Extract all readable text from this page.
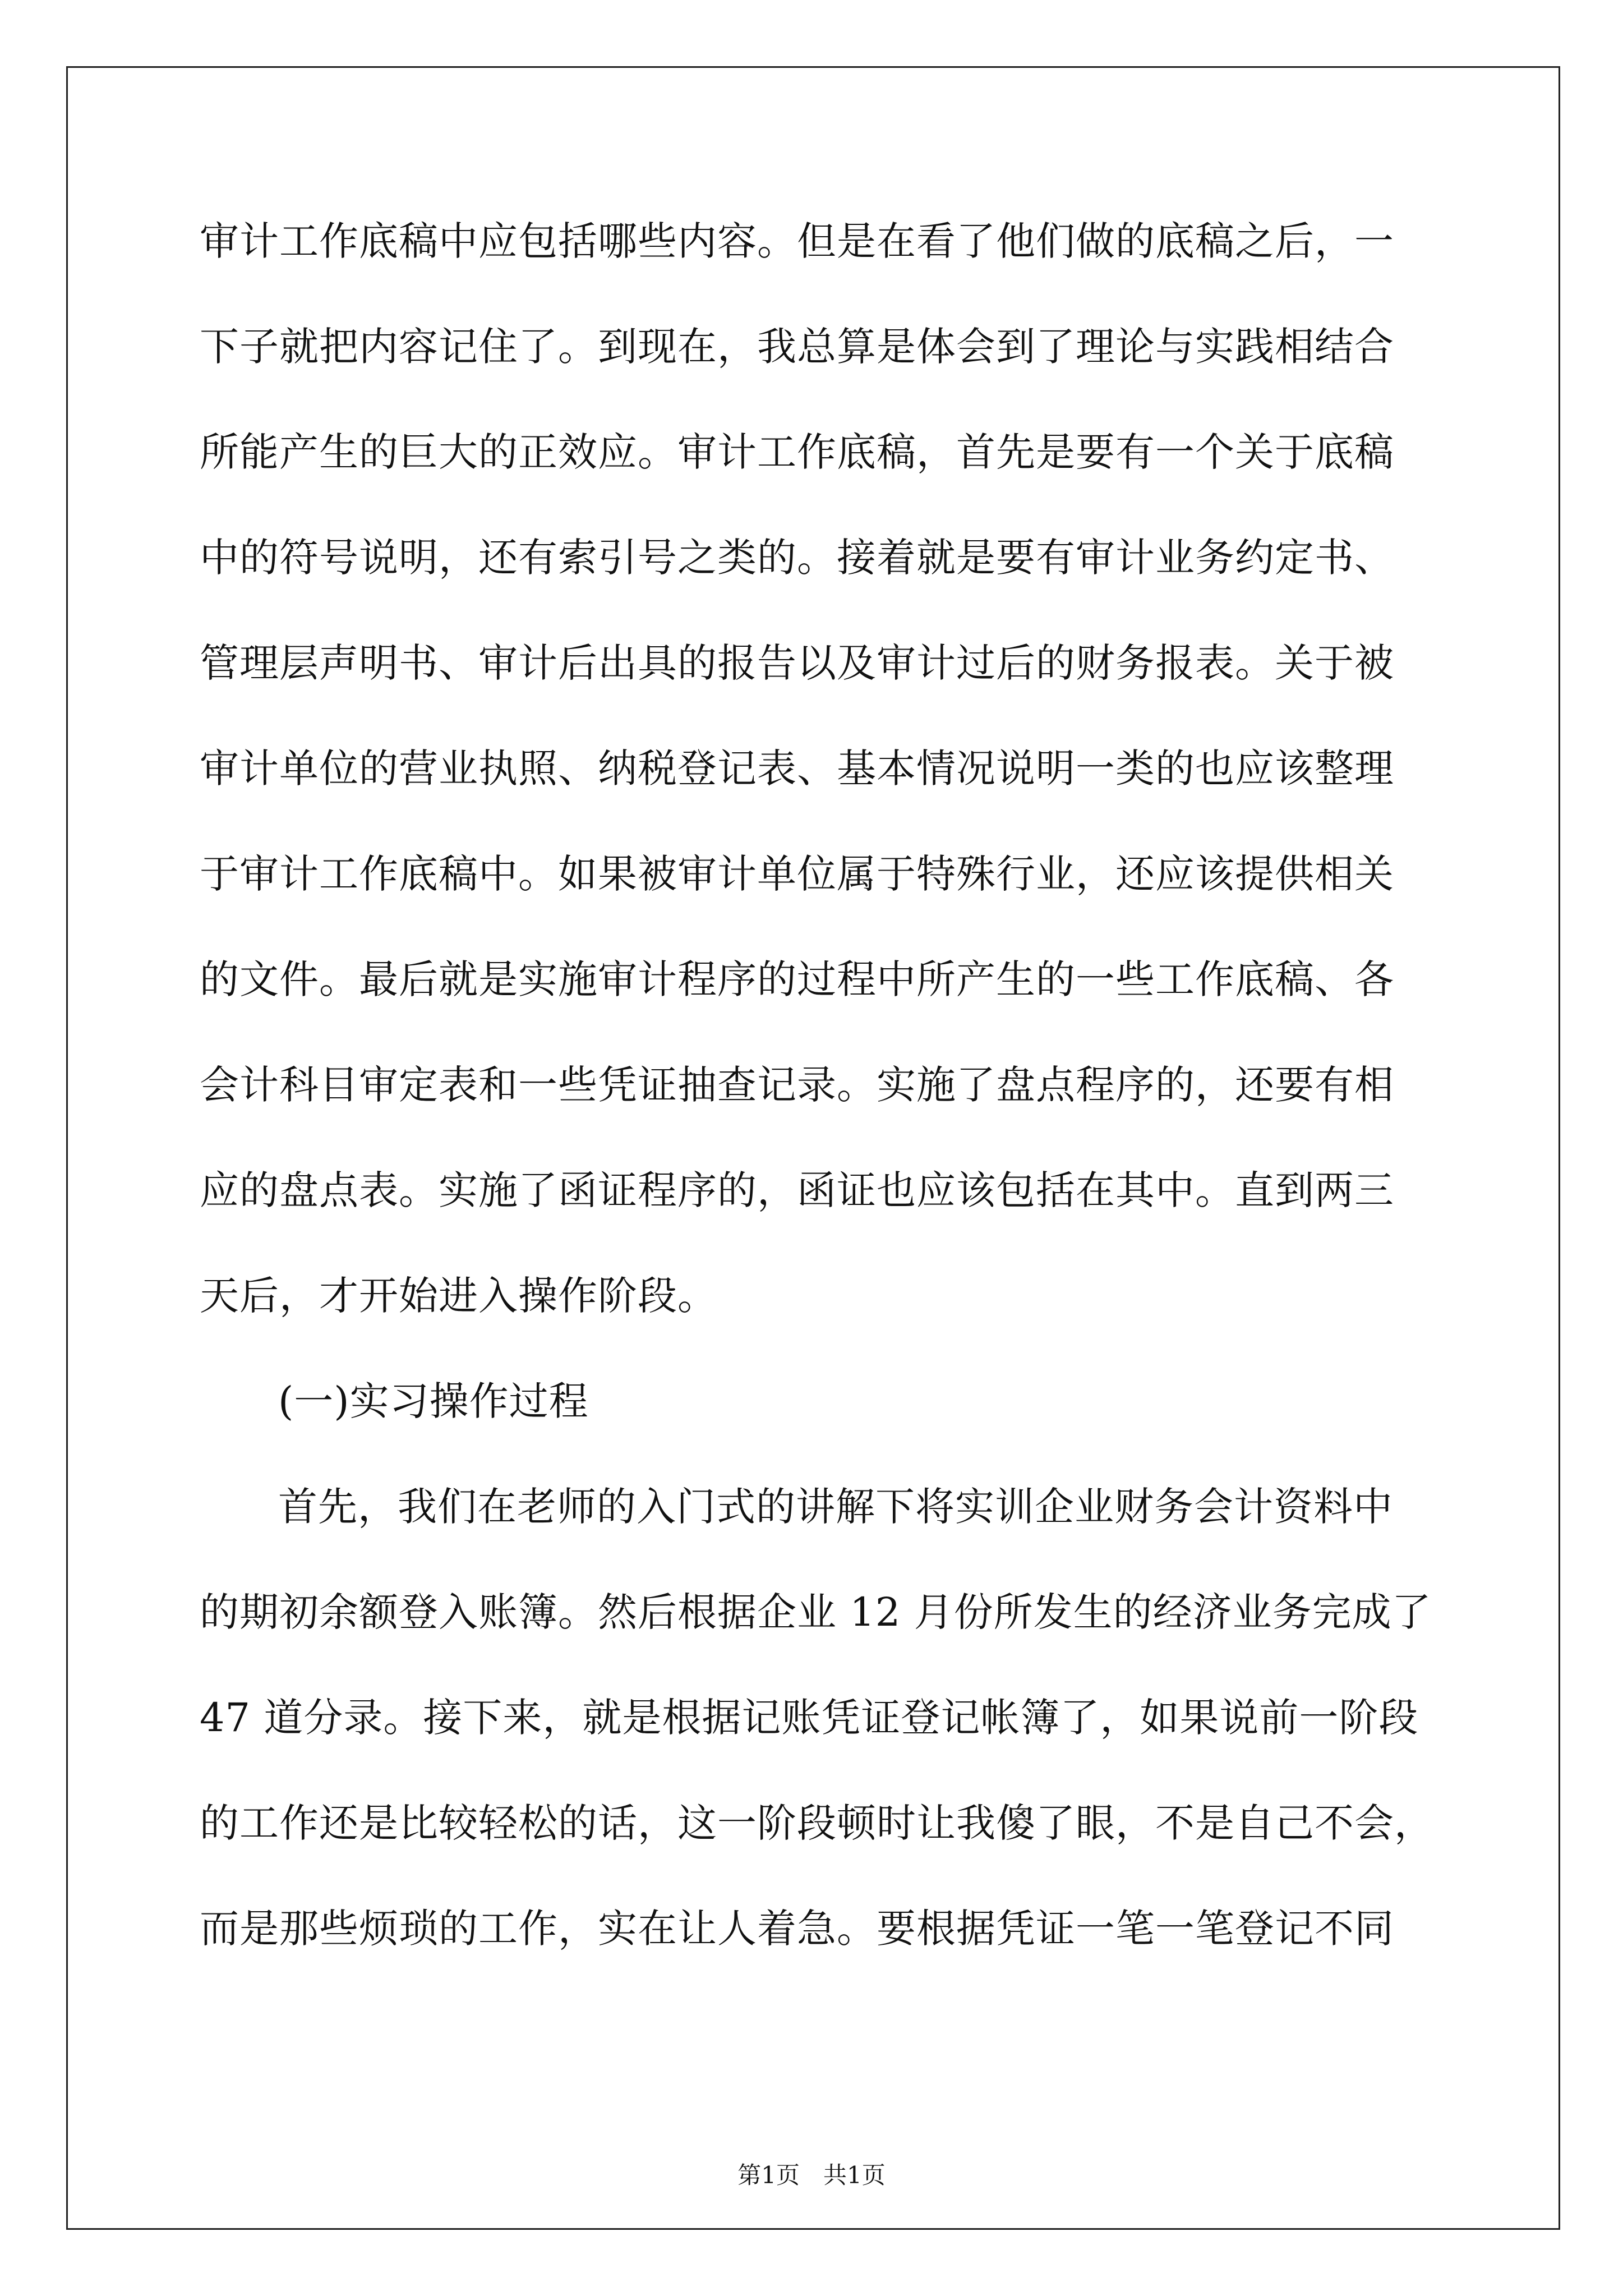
审计工作底稿中应包括哪些内容。但是在看了他们做的底稿之后，一
下子就把内容记住了。到现在，我总算是体会到了理论与实践相结合
所能产生的巨大的正效应。审计工作底稿，首先是要有一个关于底稿
中的符号说明，还有索引号之类的。接着就是要有审计业务约定书、
管理层声明书、审计后出具的报告以及审计过后的财务报表。关于被
审计单位的营业执照、纳税登记表、基本情况说明一类的也应该整理
于审计工作底稿中。如果被审计单位属于特殊行业，还应该提供相关
的文件。最后就是实施审计程序的过程中所产生的一些工作底稿、各
会计科目审定表和一些凭证抽查记录。实施了盘点程序的，还要有相
应的盘点表。实施了函证程序的，函证也应该包括在其中。直到两三
天后，才开始进入操作阶段。
(一)实习操作过程
首先，我们在老师的入门式的讲解下将实训企业财务会计资料中
的期初余额登入账簿。然后根据企业 12 月份所发生的经济业务完成了
47 道分录。接下来，就是根据记账凭证登记帐簿了，如果说前一阶段
的工作还是比较轻松的话，这一阶段顿时让我傻了眼，不是自己不会，
而是那些烦琐的工作，实在让人着急。要根据凭证一笔一笔登记不同
第1页　共1页
